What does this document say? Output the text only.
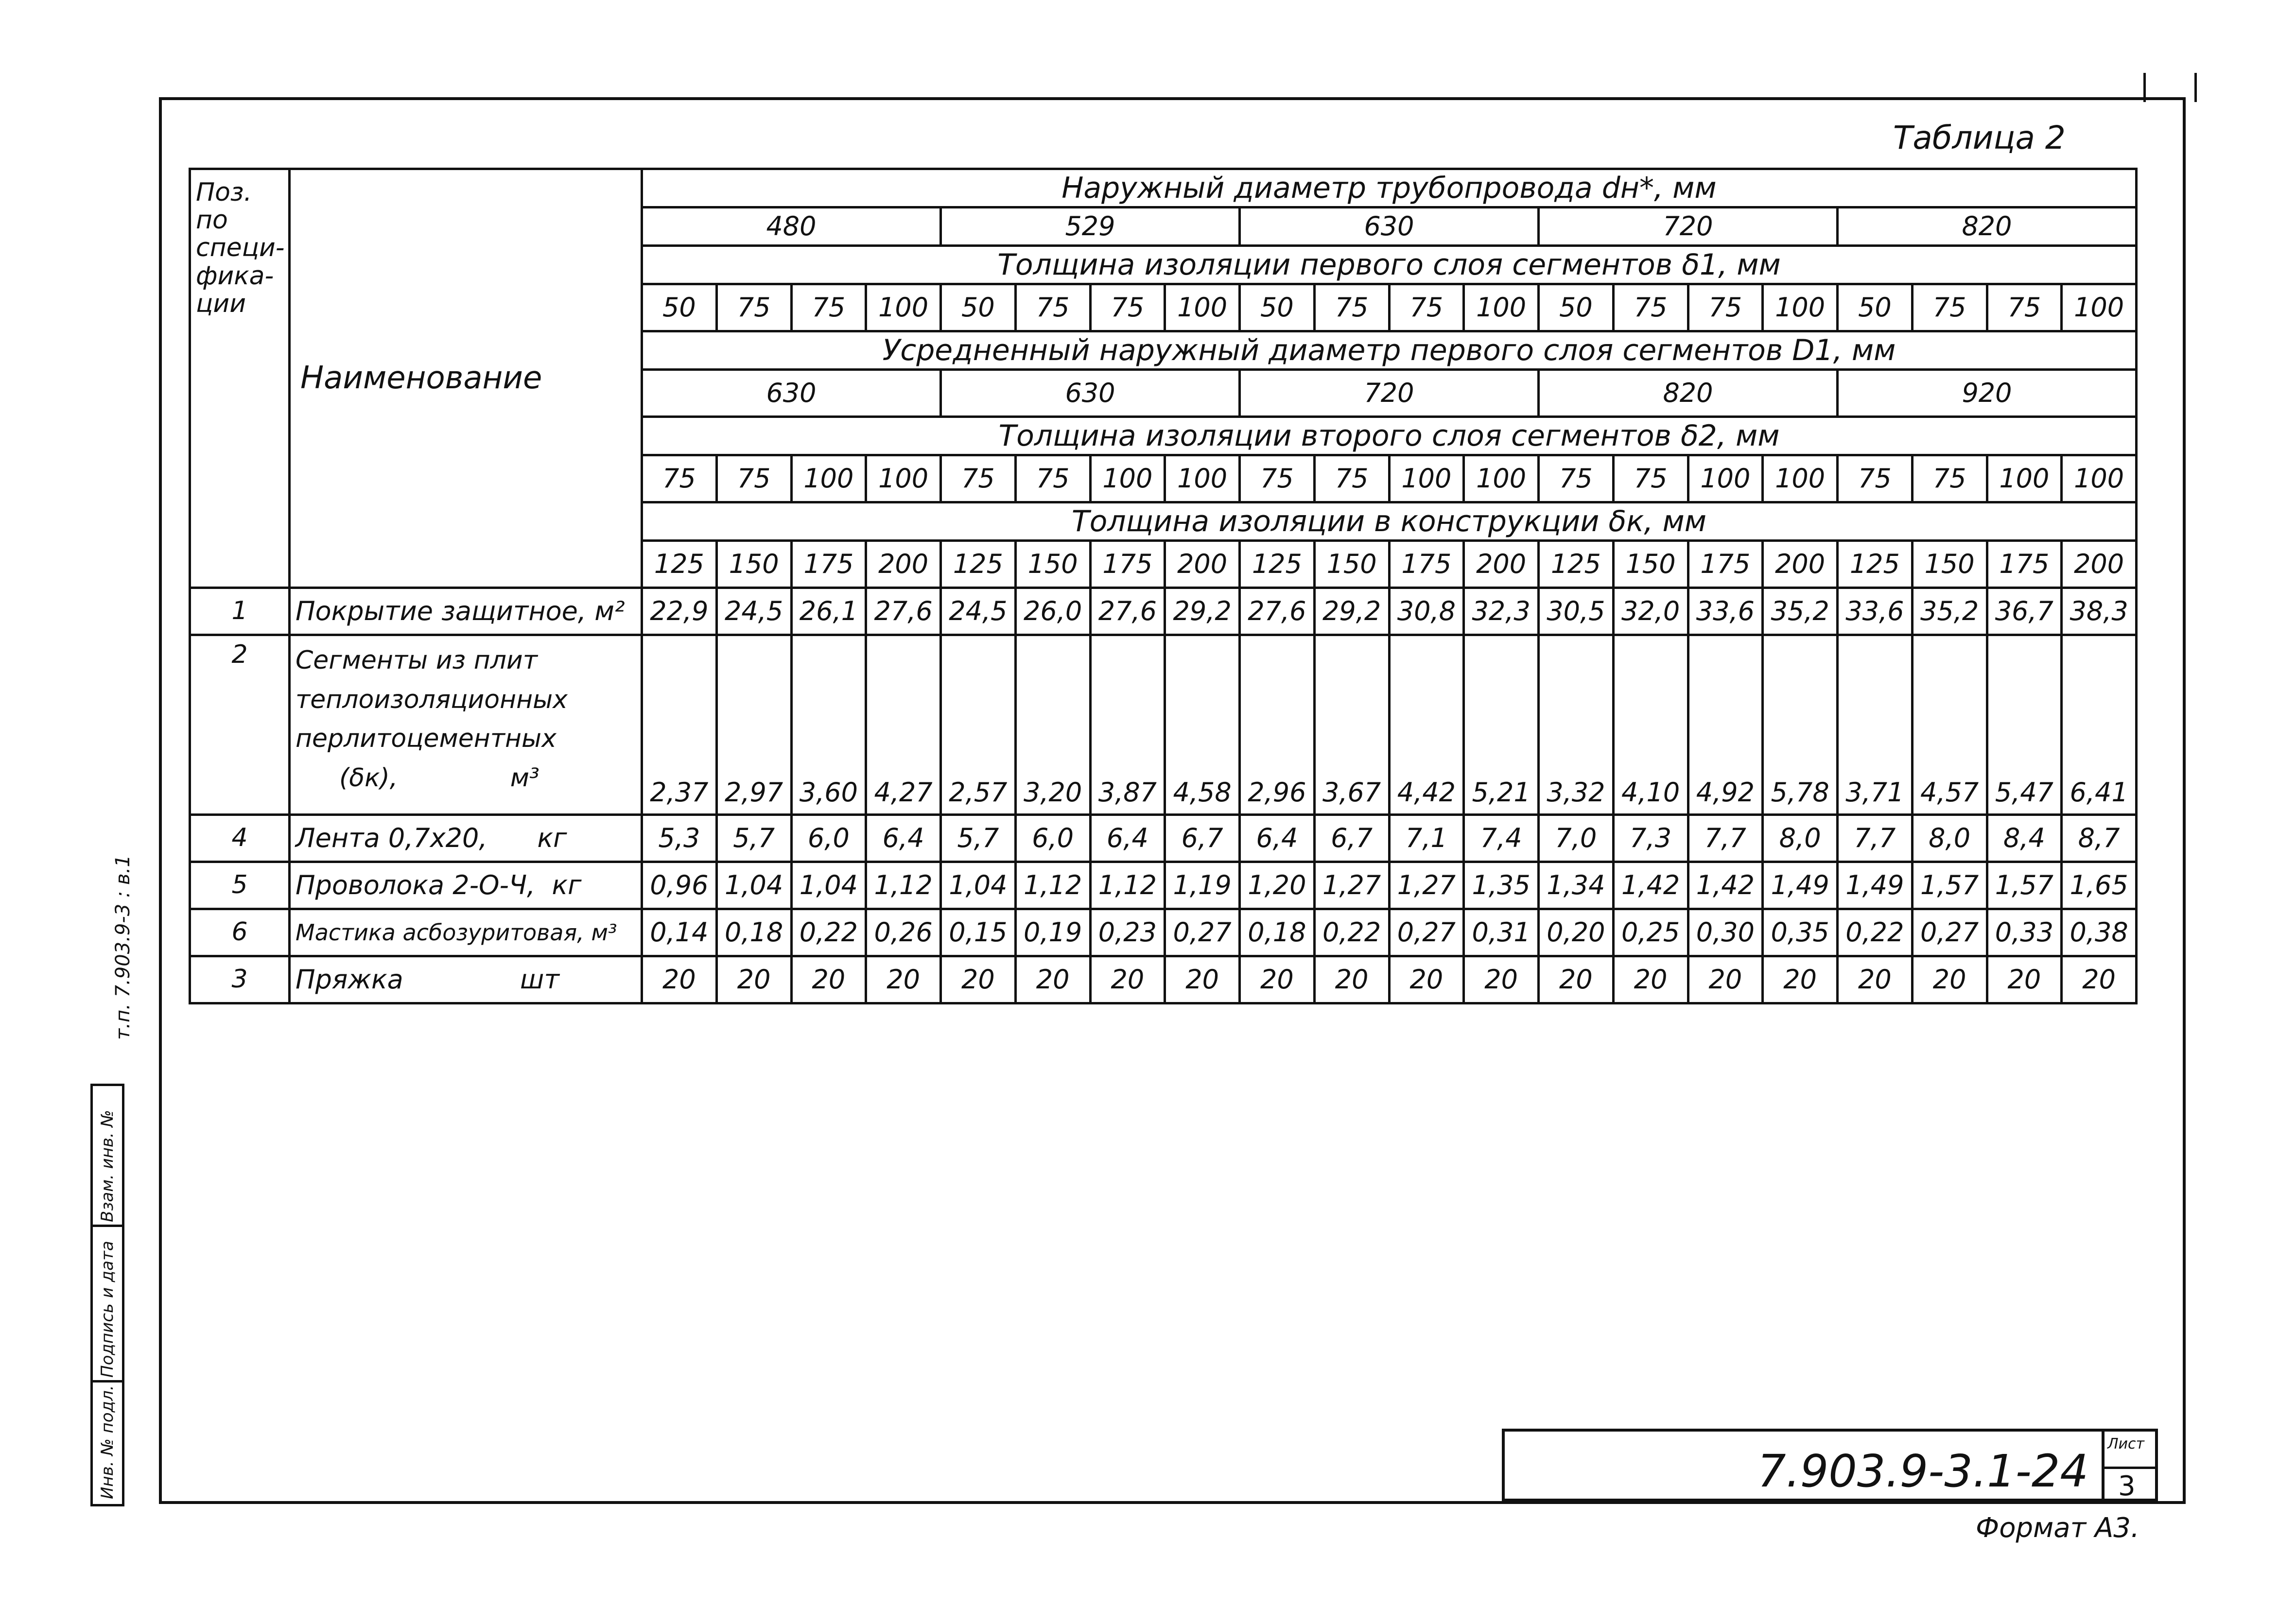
т.п. 7.903.9-3 : в.1
Взам. инв. №
Подпись и дата
Инв. № подл.
Таблица 2
Поз. по специ- фика- ции	Наименование	Наружный диаметр трубопровода dн*, мм																			
		480				529				630				720				820			
		Толщина изоляции первого слоя сегментов δ1, мм																			
		50	75	75	100	50	75	75	100	50	75	75	100	50	75	75	100	50	75	75	100
		Усредненный наружный диаметр первого слоя сегментов D1, мм																			
		630				630				720				820				920			
		Толщина изоляции второго слоя сегментов δ2, мм																			
		75	75	100	100	75	75	100	100	75	75	100	100	75	75	100	100	75	75	100	100
		Толщина изоляции в конструкции δк, мм																			
		125	150	175	200	125	150	175	200	125	150	175	200	125	150	175	200	125	150	175	200
1	Покрытие защитное, м²	22,9	24,5	26,1	27,6	24,5	26,0	27,6	29,2	27,6	29,2	30,8	32,3	30,5	32,0	33,6	35,2	33,6	35,2	36,7	38,3
2	Сегменты из плит
теплоизоляционных
перлитоцементных
(δк),              м³	2,37	2,97	3,60	4,27	2,57	3,20	3,87	4,58	2,96	3,67	4,42	5,21	3,32	4,10	4,92	5,78	3,71	4,57	5,47	6,41
4	Лента 0,7х20,      кг	5,3	5,7	6,0	6,4	5,7	6,0	6,4	6,7	6,4	6,7	7,1	7,4	7,0	7,3	7,7	8,0	7,7	8,0	8,4	8,7
5	Проволока 2-О-Ч,  кг	0,96	1,04	1,04	1,12	1,04	1,12	1,12	1,19	1,20	1,27	1,27	1,35	1,34	1,42	1,42	1,49	1,49	1,57	1,57	1,65
6	Мастика асбозуритовая, м³	0,14	0,18	0,22	0,26	0,15	0,19	0,23	0,27	0,18	0,22	0,27	0,31	0,20	0,25	0,30	0,35	0,22	0,27	0,33	0,38
3	Пряжка              шт	20	20	20	20	20	20	20	20	20	20	20	20	20	20	20	20	20	20	20	20
7.903.9-3.1-24
Лист
3
Формат А3.
